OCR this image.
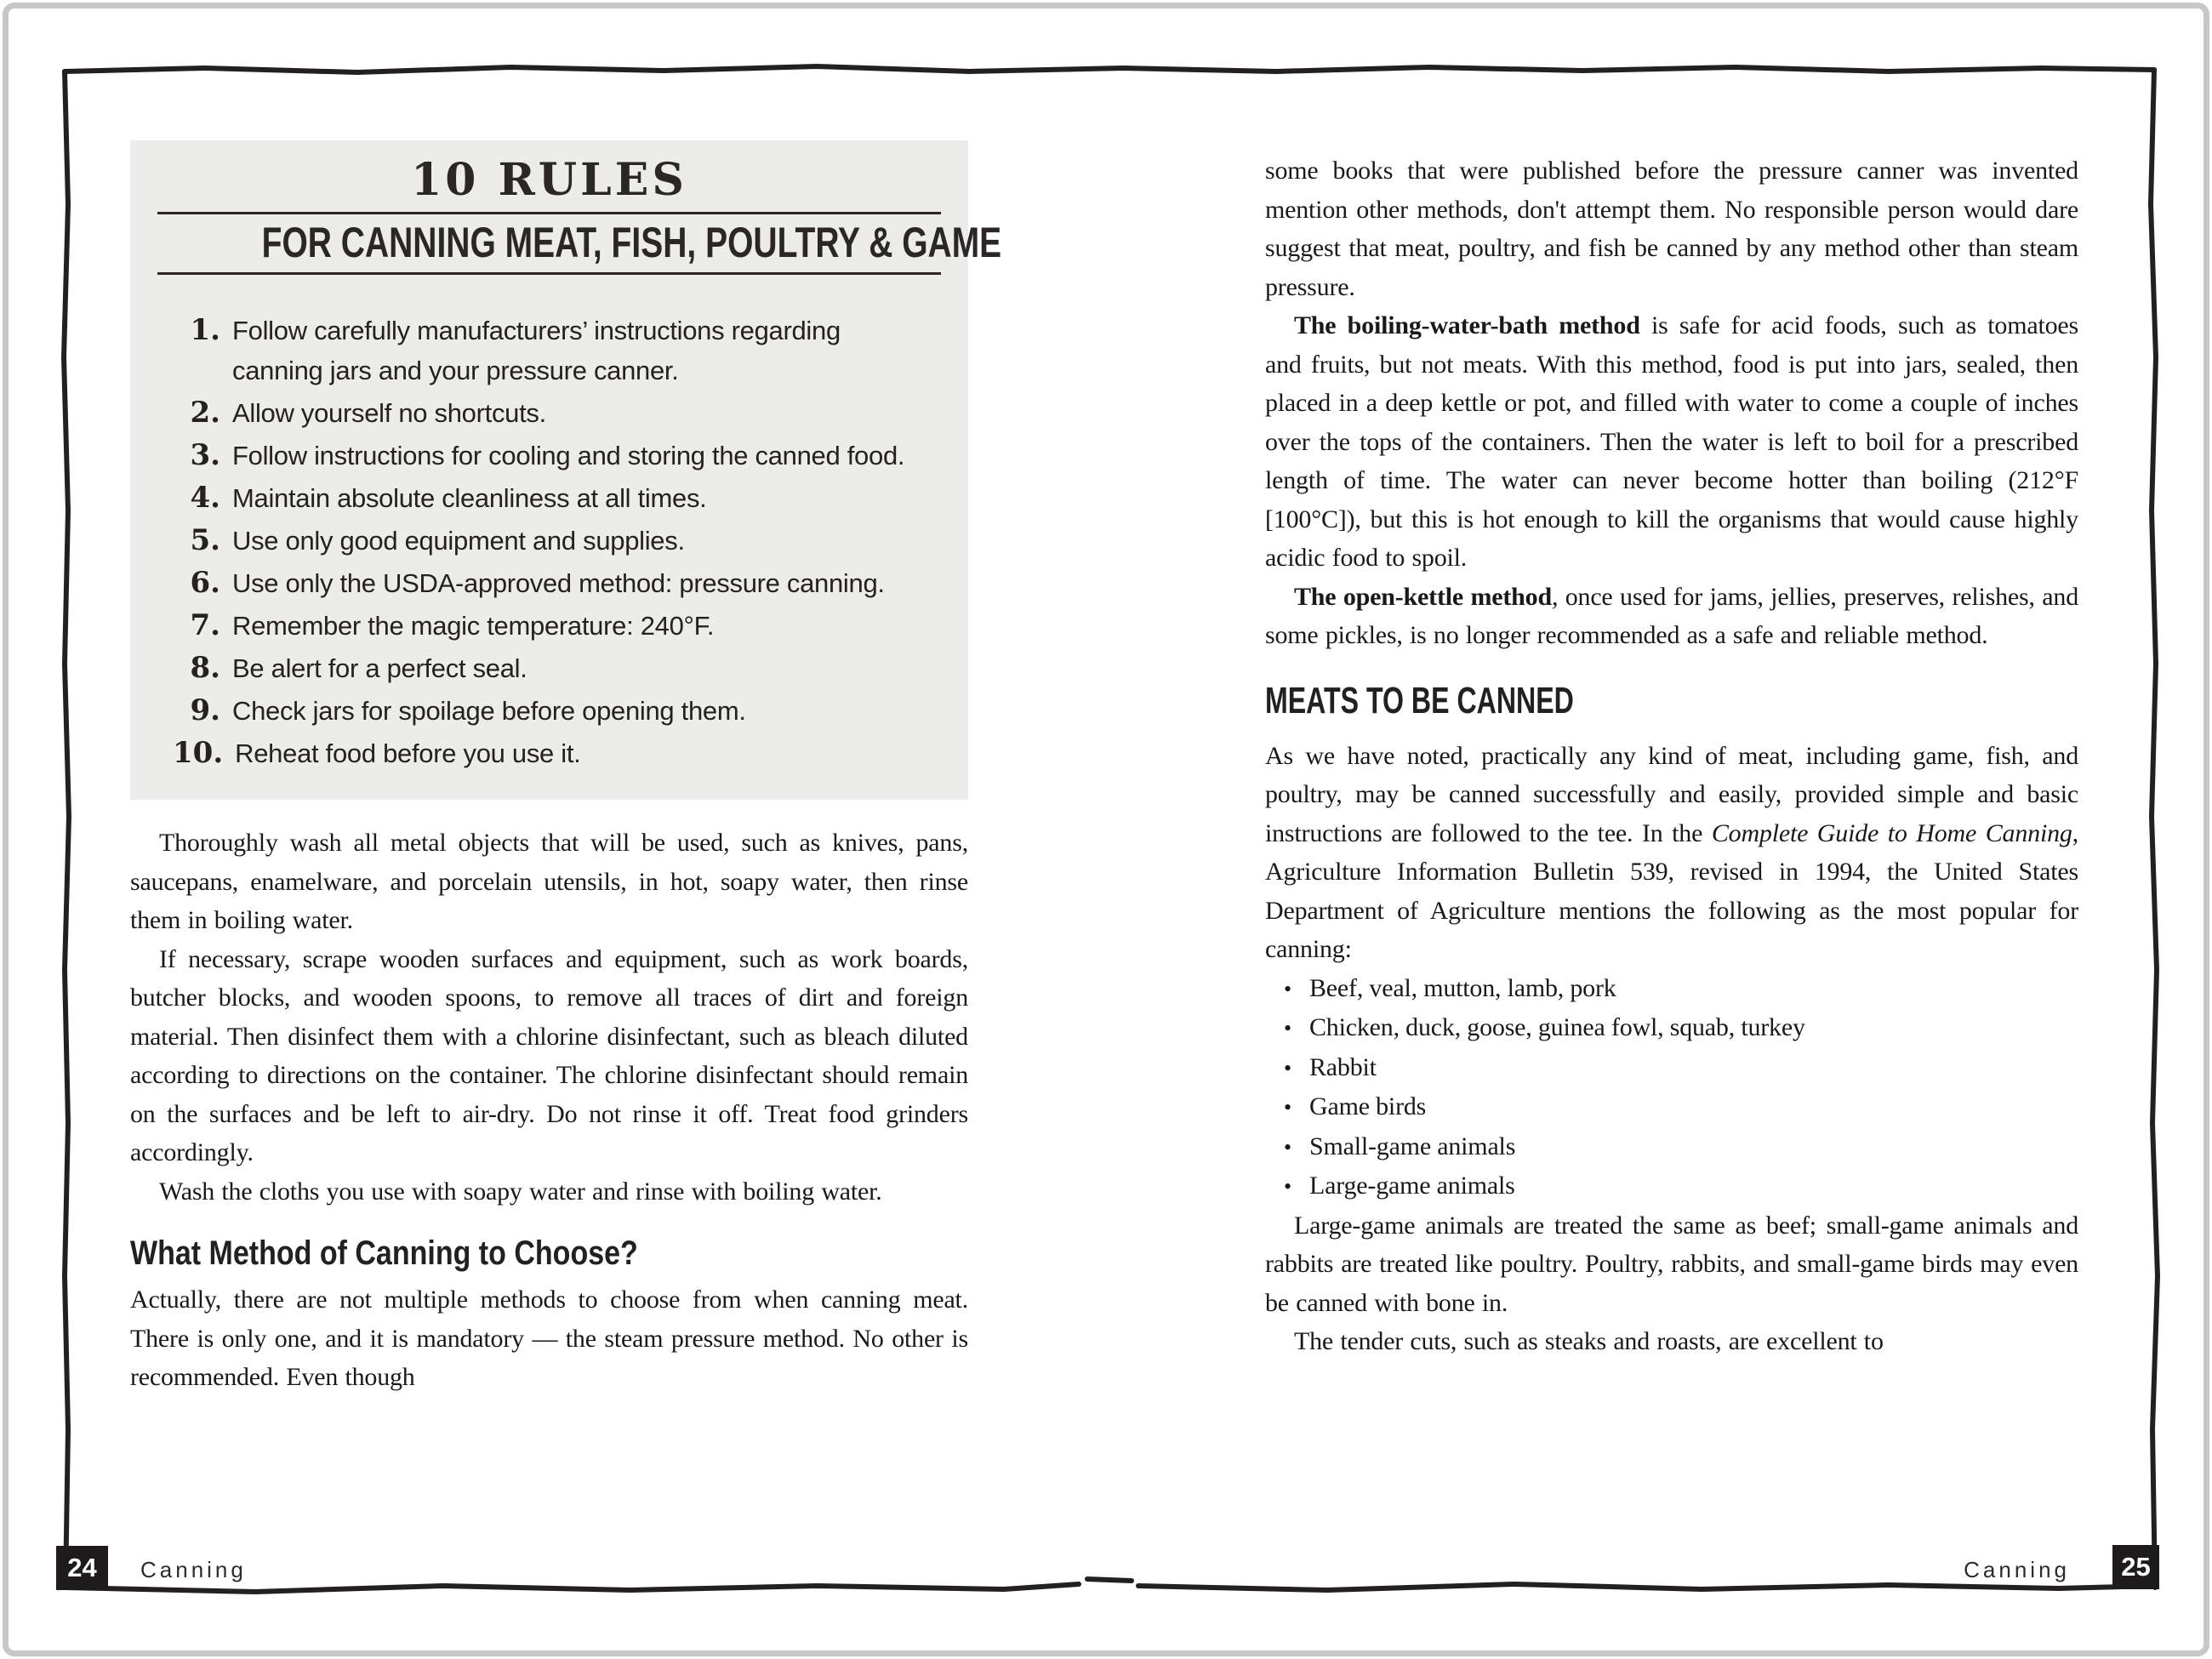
10 RULES
FOR CANNING MEAT, FISH, POULTRY & GAME
1. Follow carefully manufacturers’ instructions regarding canning jars and your pressure canner.
2. Allow yourself no shortcuts.
3. Follow instructions for cooling and storing the canned food.
4. Maintain absolute cleanliness at all times.
5. Use only good equipment and supplies.
6. Use only the USDA-approved method: pressure canning.
7. Remember the magic temperature: 240°F.
8. Be alert for a perfect seal.
9. Check jars for spoilage before opening them.
10. Reheat food before you use it.

Thoroughly wash all metal objects that will be used, such as knives, pans, saucepans, enamelware, and porcelain utensils, in hot, soapy water, then rinse them in boiling water.

If necessary, scrape wooden surfaces and equipment, such as work boards, butcher blocks, and wooden spoons, to remove all traces of dirt and foreign material. Then disinfect them with a chlorine disinfectant, such as bleach diluted according to directions on the container. The chlorine disinfectant should remain on the surfaces and be left to air-dry. Do not rinse it off. Treat food grinders accordingly.

Wash the cloths you use with soapy water and rinse with boiling water.

What Method of Canning to Choose?

Actually, there are not multiple methods to choose from when canning meat. There is only one, and it is mandatory — the steam pressure method. No other is recommended. Even though

some books that were published before the pressure canner was invented mention other methods, don't attempt them. No responsible person would dare suggest that meat, poultry, and fish be canned by any method other than steam pressure.

The boiling-water-bath method is safe for acid foods, such as tomatoes and fruits, but not meats. With this method, food is put into jars, sealed, then placed in a deep kettle or pot, and filled with water to come a couple of inches over the tops of the containers. Then the water is left to boil for a prescribed length of time. The water can never become hotter than boiling (212°F [100°C]), but this is hot enough to kill the organisms that would cause highly acidic food to spoil.

The open-kettle method, once used for jams, jellies, preserves, relishes, and some pickles, is no longer recommended as a safe and reliable method.

MEATS TO BE CANNED

As we have noted, practically any kind of meat, including game, fish, and poultry, may be canned successfully and easily, provided simple and basic instructions are followed to the tee. In the Complete Guide to Home Canning, Agriculture Information Bulletin 539, revised in 1994, the United States Department of Agriculture mentions the following as the most popular for canning:

• Beef, veal, mutton, lamb, pork
• Chicken, duck, goose, guinea fowl, squab, turkey
• Rabbit
• Game birds
• Small-game animals
• Large-game animals

Large-game animals are treated the same as beef; small-game animals and rabbits are treated like poultry. Poultry, rabbits, and small-game birds may even be canned with bone in.

The tender cuts, such as steaks and roasts, are excellent to

24	Canning	Canning	25
